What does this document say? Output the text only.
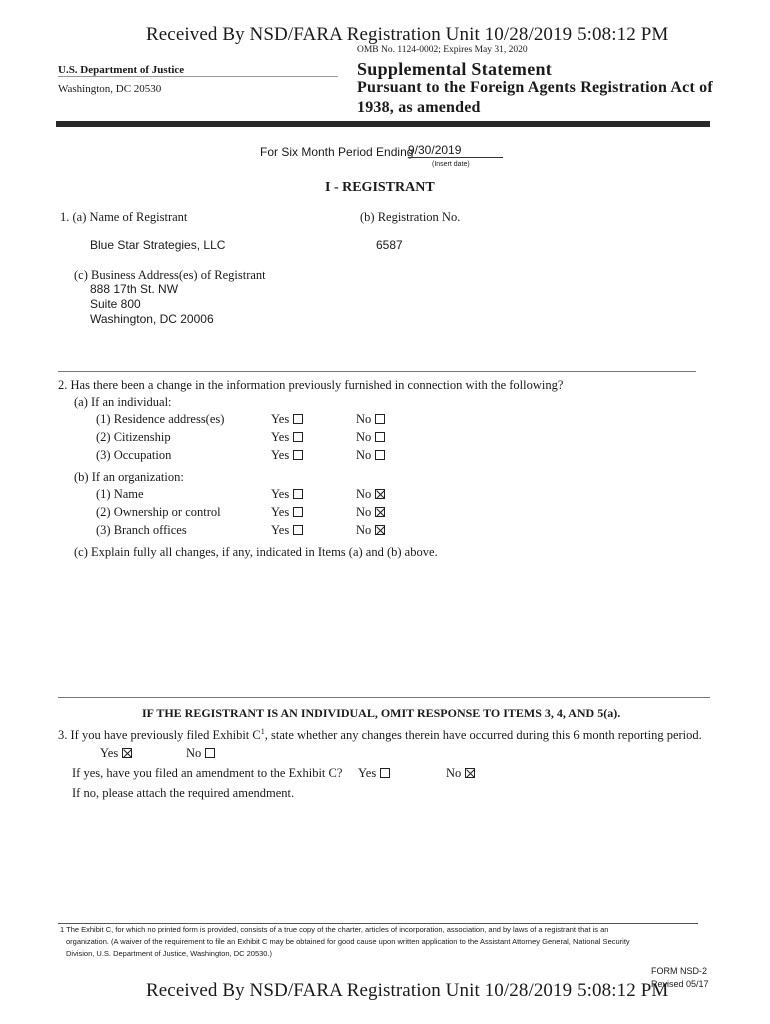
Received By NSD/FARA Registration Unit 10/28/2019 5:08:12 PM
OMB No. 1124-0002; Expires May 31, 2020
U.S. Department of Justice
Washington, DC 20530
Supplemental Statement
Pursuant to the Foreign Agents Registration Act of
1938, as amended
For Six Month Period Ending
9/30/2019
(Insert date)
I - REGISTRANT
1. (a) Name of Registrant	(b) Registration No.
Blue Star Strategies, LLC	6587
(c) Business Address(es) of Registrant
888 17th St. NW
Suite 800
Washington, DC 20006
2. Has there been a change in the information previously furnished in connection with the following?
(a) If an individual:
(1) Residence address(es)	Yes	No
(2) Citizenship	Yes	No
(3) Occupation	Yes	No
(b) If an organization:
(1) Name	Yes	No
(2) Ownership or control	Yes	No
(3) Branch offices	Yes	No
(c) Explain fully all changes, if any, indicated in Items (a) and (b) above.
IF THE REGISTRANT IS AN INDIVIDUAL, OMIT RESPONSE TO ITEMS 3, 4, AND 5(a).
3. If you have previously filed Exhibit $C^1$, state whether any changes therein have occurred during this 6 month reporting period.
Yes	No
If yes, have you filed an amendment to the Exhibit C? Yes	No
If no, please attach the required amendment.
1 The Exhibit C, for which no printed form is provided, consists of a true copy of the charter, articles of incorporation, association, and by laws of a registrant that is an
organization. (A waiver of the requirement to file an Exhibit C may be obtained for good cause upon written application to the Assistant Attorney General, National Security
Division, U.S. Department of Justice, Washington, DC 20530.)
Received By NSD/FARA Registration Unit 10/28/2019 5:08:12 PM
FORM NSD-2
Revised 05/17
